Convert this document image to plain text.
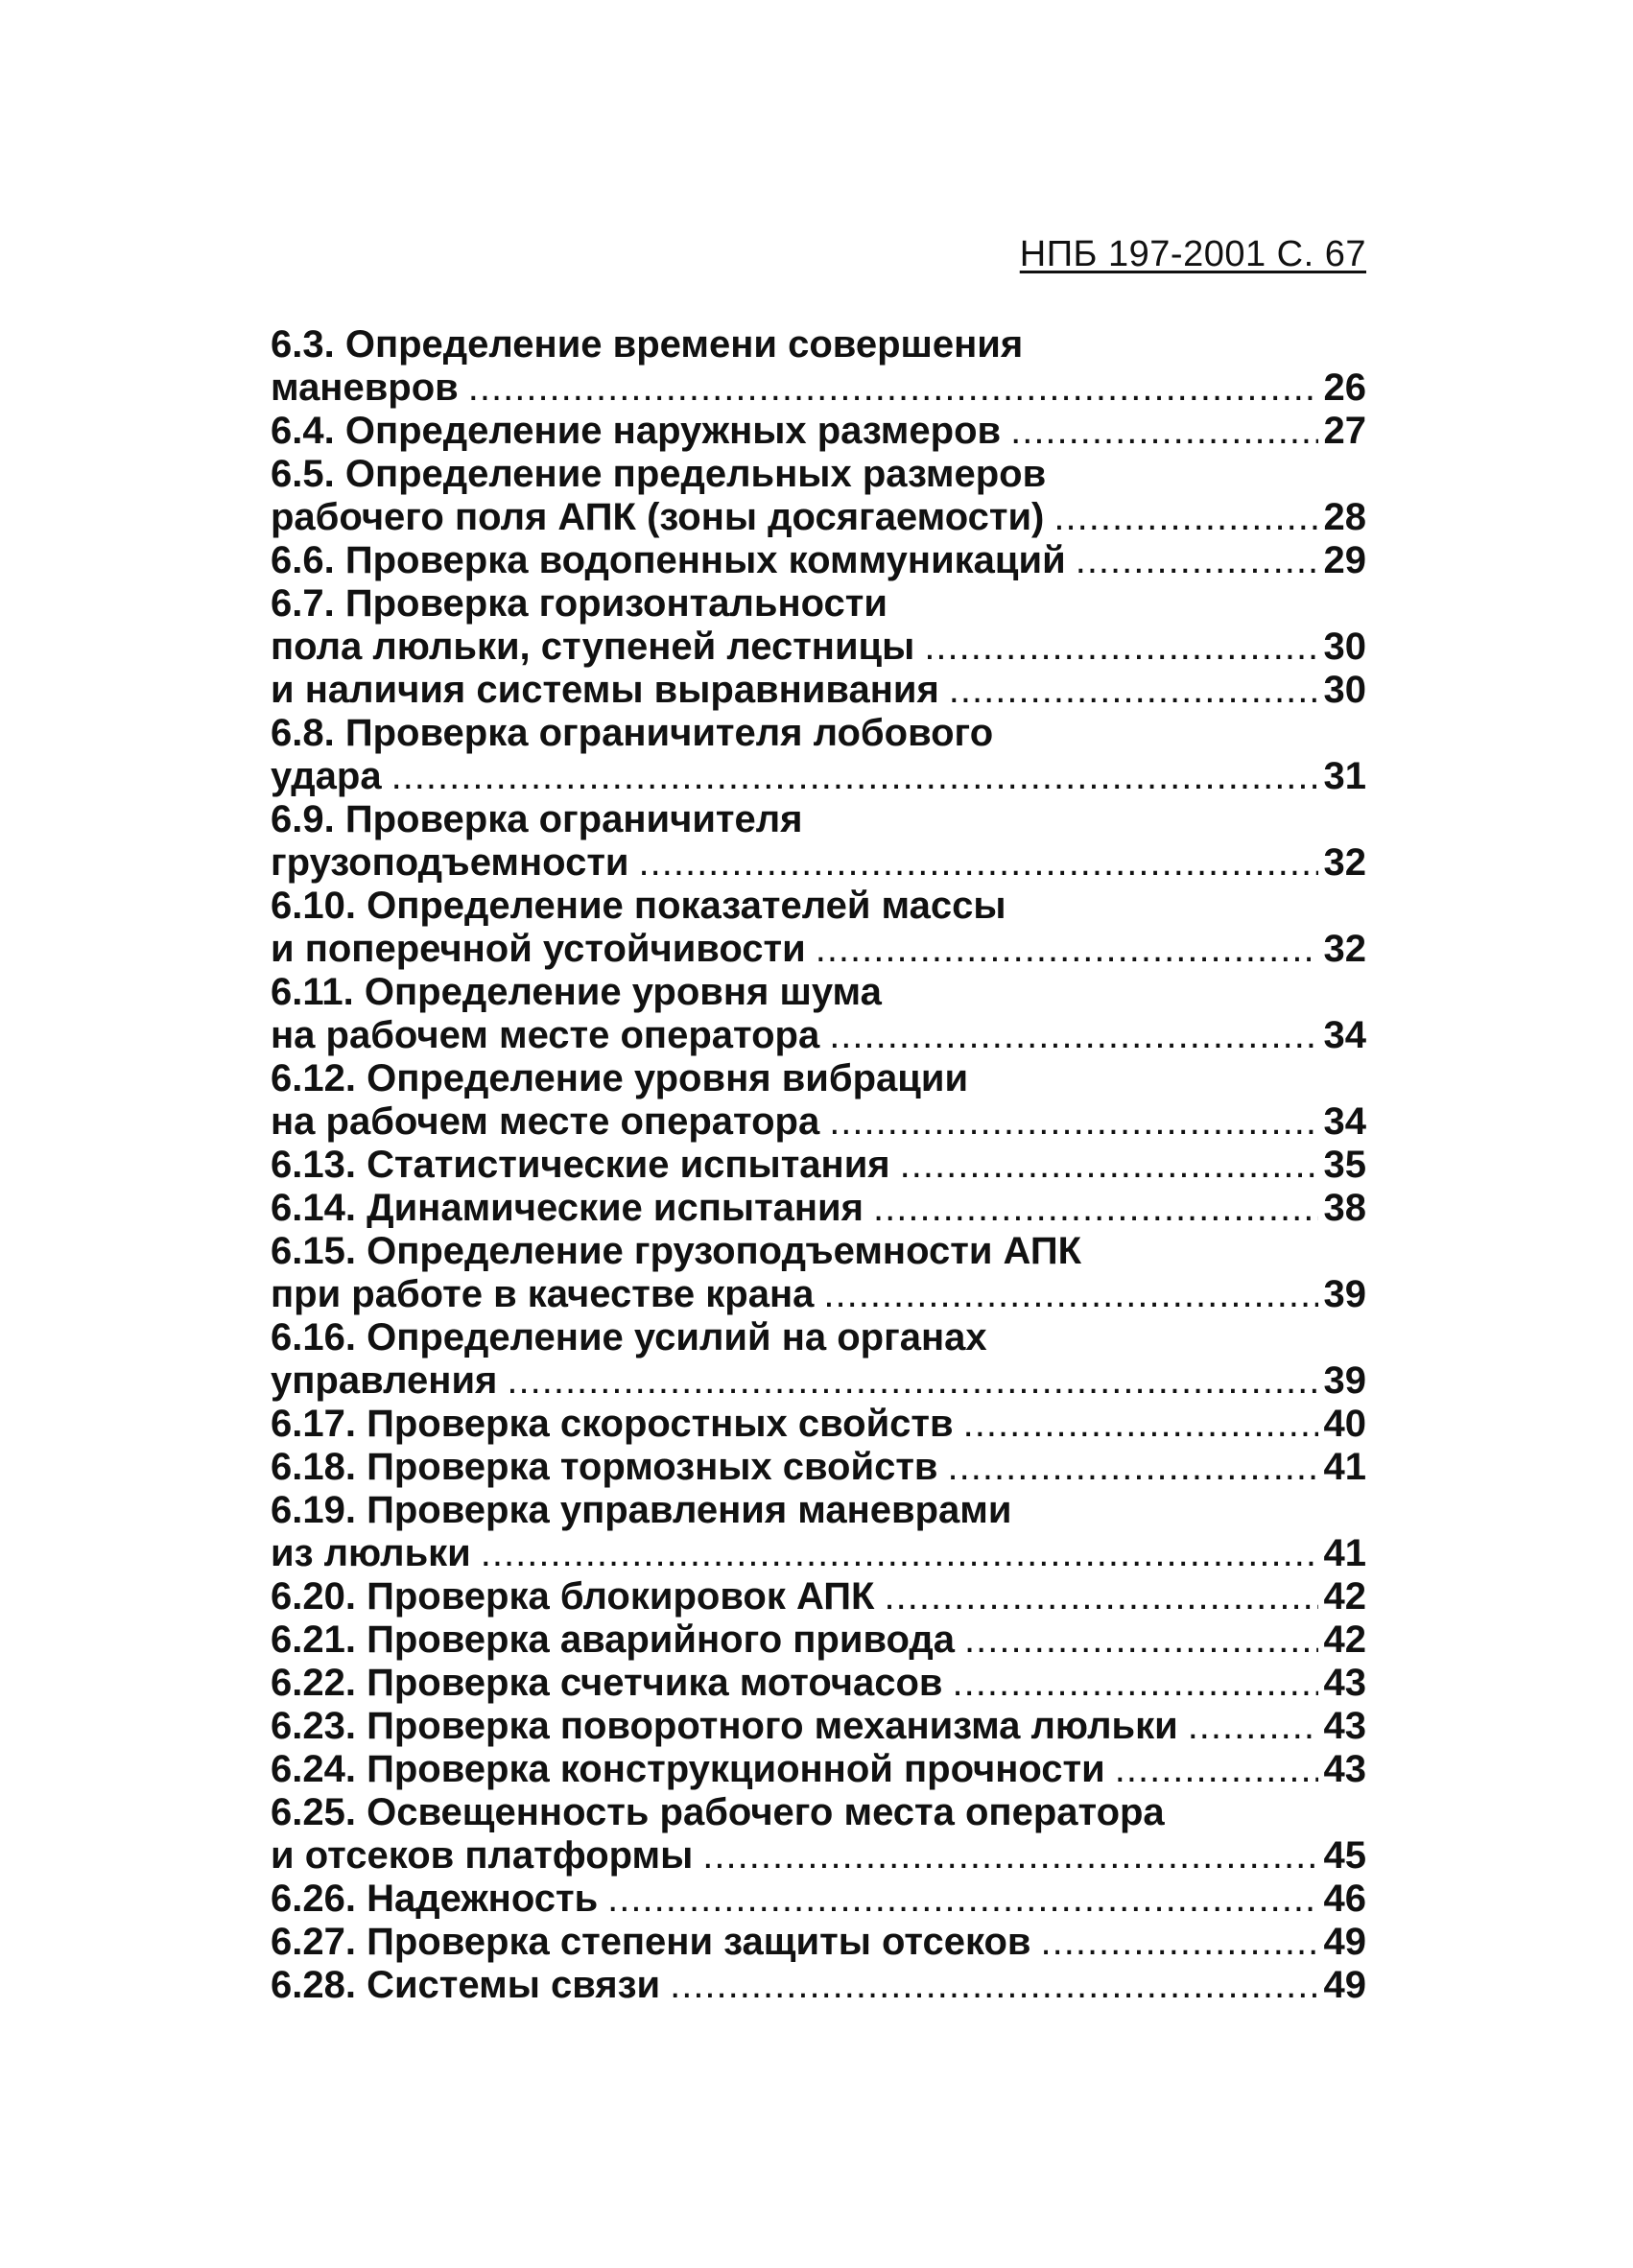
НПБ 197-2001 С. 67
6.3. Определение времени совершения
маневров .....	26
6.4. Определение наружных размеров .....	27
6.5. Определение предельных размеров
рабочего поля АПК (зоны досягаемости) .....	28
6.6. Проверка водопенных коммуникаций .....	29
6.7. Проверка горизонтальности
пола люльки, ступеней лестницы .....	30
и наличия системы выравнивания .....	30
6.8. Проверка ограничителя лобового
удара .....	31
6.9. Проверка ограничителя
грузоподъемности .....	32
6.10. Определение показателей массы
и поперечной устойчивости .....	32
6.11. Определение уровня шума
на рабочем месте оператора .....	34
6.12. Определение уровня вибрации
на рабочем месте оператора .....	34
6.13. Статистические испытания .....	35
6.14. Динамические испытания .....	38
6.15. Определение грузоподъемности АПК
при работе в качестве крана .....	39
6.16. Определение усилий на органах
управления .....	39
6.17. Проверка скоростных свойств .....	40
6.18. Проверка тормозных свойств .....	41
6.19. Проверка управления маневрами
из люльки .....	41
6.20. Проверка блокировок АПК .....	42
6.21. Проверка аварийного привода .....	42
6.22. Проверка счетчика моточасов .....	43
6.23. Проверка поворотного механизма люльки .....	43
6.24. Проверка конструкционной прочности .....	43
6.25. Освещенность рабочего места оператора
и отсеков платформы .....	45
6.26. Надежность .....	46
6.27. Проверка степени защиты отсеков .....	49
6.28. Системы связи .....	49
